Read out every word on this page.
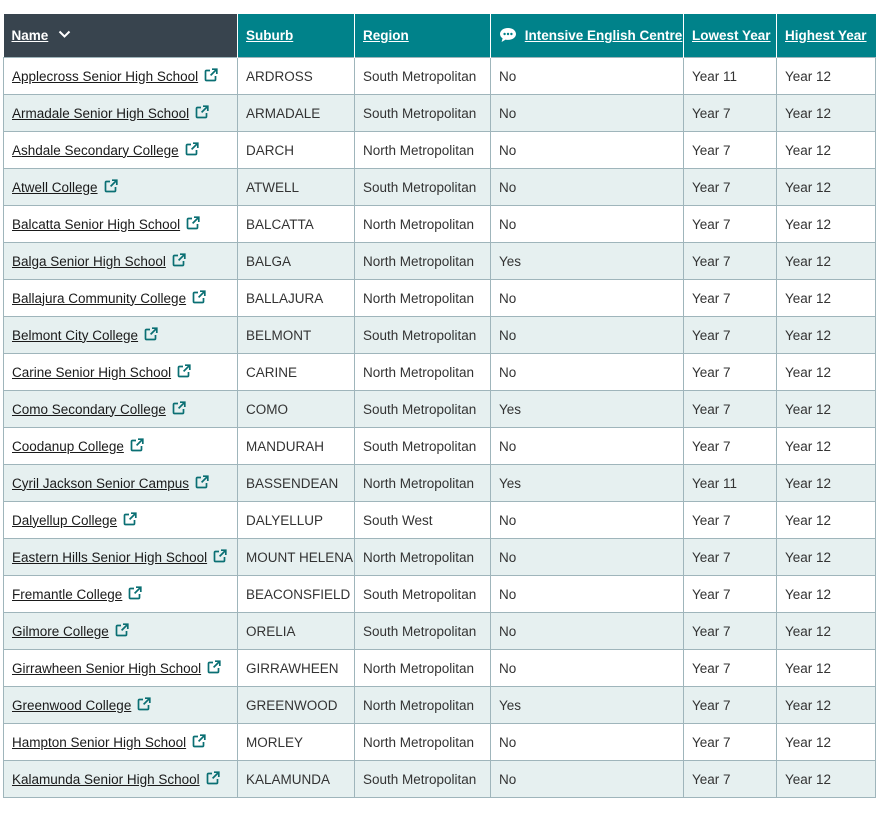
Name	Suburb	Region	Intensive English Centre	Lowest Year	Highest Year
Applecross Senior High School	ARDROSS	South Metropolitan	No	Year 11	Year 12
Armadale Senior High School	ARMADALE	South Metropolitan	No	Year 7	Year 12
Ashdale Secondary College	DARCH	North Metropolitan	No	Year 7	Year 12
Atwell College	ATWELL	South Metropolitan	No	Year 7	Year 12
Balcatta Senior High School	BALCATTA	North Metropolitan	No	Year 7	Year 12
Balga Senior High School	BALGA	North Metropolitan	Yes	Year 7	Year 12
Ballajura Community College	BALLAJURA	North Metropolitan	No	Year 7	Year 12
Belmont City College	BELMONT	South Metropolitan	No	Year 7	Year 12
Carine Senior High School	CARINE	North Metropolitan	No	Year 7	Year 12
Como Secondary College	COMO	South Metropolitan	Yes	Year 7	Year 12
Coodanup College	MANDURAH	South Metropolitan	No	Year 7	Year 12
Cyril Jackson Senior Campus	BASSENDEAN	North Metropolitan	Yes	Year 11	Year 12
Dalyellup College	DALYELLUP	South West	No	Year 7	Year 12
Eastern Hills Senior High School	MOUNT HELENA	North Metropolitan	No	Year 7	Year 12
Fremantle College	BEACONSFIELD	South Metropolitan	No	Year 7	Year 12
Gilmore College	ORELIA	South Metropolitan	No	Year 7	Year 12
Girrawheen Senior High School	GIRRAWHEEN	North Metropolitan	No	Year 7	Year 12
Greenwood College	GREENWOOD	North Metropolitan	Yes	Year 7	Year 12
Hampton Senior High School	MORLEY	North Metropolitan	No	Year 7	Year 12
Kalamunda Senior High School	KALAMUNDA	South Metropolitan	No	Year 7	Year 12
